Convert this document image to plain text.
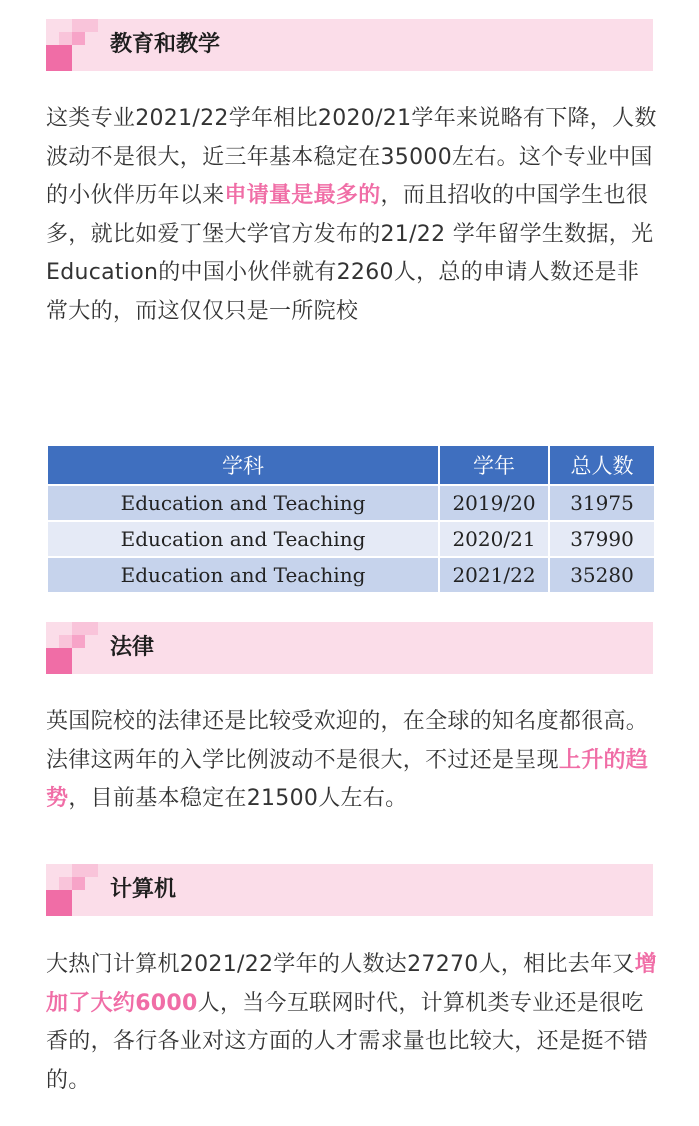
教育和教学

这类专业2021/22学年相比2020/21学年来说略有下降，人数波动不是很大，近三年基本稳定在35000左右。这个专业中国的小伙伴历年以来申请量是最多的，而且招收的中国学生也很多，就比如爱丁堡大学官方发布的21/22 学年留学生数据，光Education的中国小伙伴就有2260人，总的申请人数还是非常大的，而这仅仅只是一所院校

学科	学年	总人数
Education and Teaching	2019/20	31975
Education and Teaching	2020/21	37990
Education and Teaching	2021/22	35280
法律

英国院校的法律还是比较受欢迎的，在全球的知名度都很高。法律这两年的入学比例波动不是很大，不过还是呈现上升的趋势，目前基本稳定在21500人左右。

计算机

大热门计算机2021/22学年的人数达27270人，相比去年又增加了大约6000人，当今互联网时代，计算机类专业还是很吃香的，各行各业对这方面的人才需求量也比较大，还是挺不错的。
